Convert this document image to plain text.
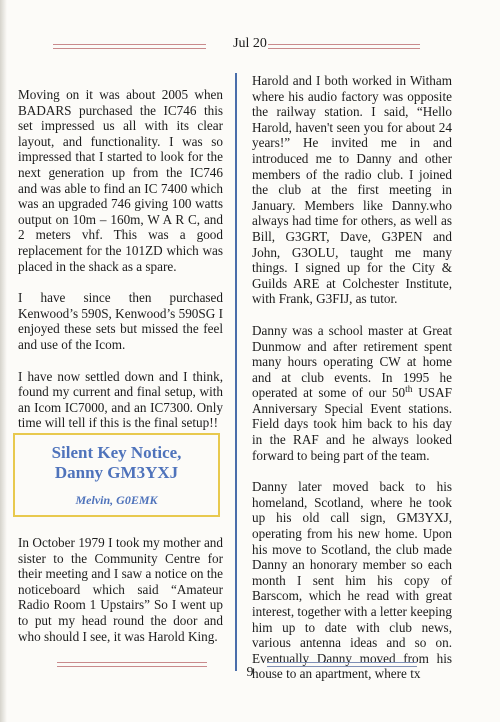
Jul 20

Moving on it was about 2005 when BADARS purchased the IC746 this set impressed us all with its clear layout, and functionality. I was so impressed that I started to look for the next generation up from the IC746 and was able to find an IC 7400 which was an upgraded 746 giving 100 watts output on 10m – 160m, W A R C, and 2 meters vhf. This was a good replacement for the 101ZD which was placed in the shack as a spare.

I have since then purchased Kenwood’s 590S, Kenwood’s 590SG I enjoyed these sets but missed the feel and use of the Icom.

I have now settled down and I think, found my current and final setup, with an Icom IC7000, and an IC7300. Only time will tell if this is the final setup!!

Silent Key Notice,
Danny GM3YXJ
Melvin, G0EMK

In October 1979 I took my mother and sister to the Community Centre for their meeting and I saw a notice on the noticeboard which said “Amateur Radio Room 1 Upstairs” So I went up to put my head round the door and who should I see, it was Harold King.

Harold and I both worked in Witham where his audio factory was opposite the railway station. I said, “Hello Harold, haven't seen you for about 24 years!” He invited me in and introduced me to Danny and other members of the radio club. I joined the club at the first meeting in January. Members like Danny.who always had time for others, as well as Bill, G3GRT, Dave, G3PEN and John, G3OLU, taught me many things. I signed up for the City & Guilds ARE at Colchester Institute, with Frank, G3FIJ, as tutor.

Danny was a school master at Great Dunmow and after retirement spent many hours operating CW at home and at club events. In 1995 he operated at some of our 50th USAF Anniversary Special Event stations. Field days took him back to his day in the RAF and he always looked forward to being part of the team.

Danny later moved back to his homeland, Scotland, where he took up his old call sign, GM3YXJ, operating from his new home. Upon his move to Scotland, the club made Danny an honorary member so each month I sent him his copy of Barscom, which he read with great interest, together with a letter keeping him up to date with club news, various antenna ideas and so on. Eventually Danny moved from his house to an apartment, where tx

9
